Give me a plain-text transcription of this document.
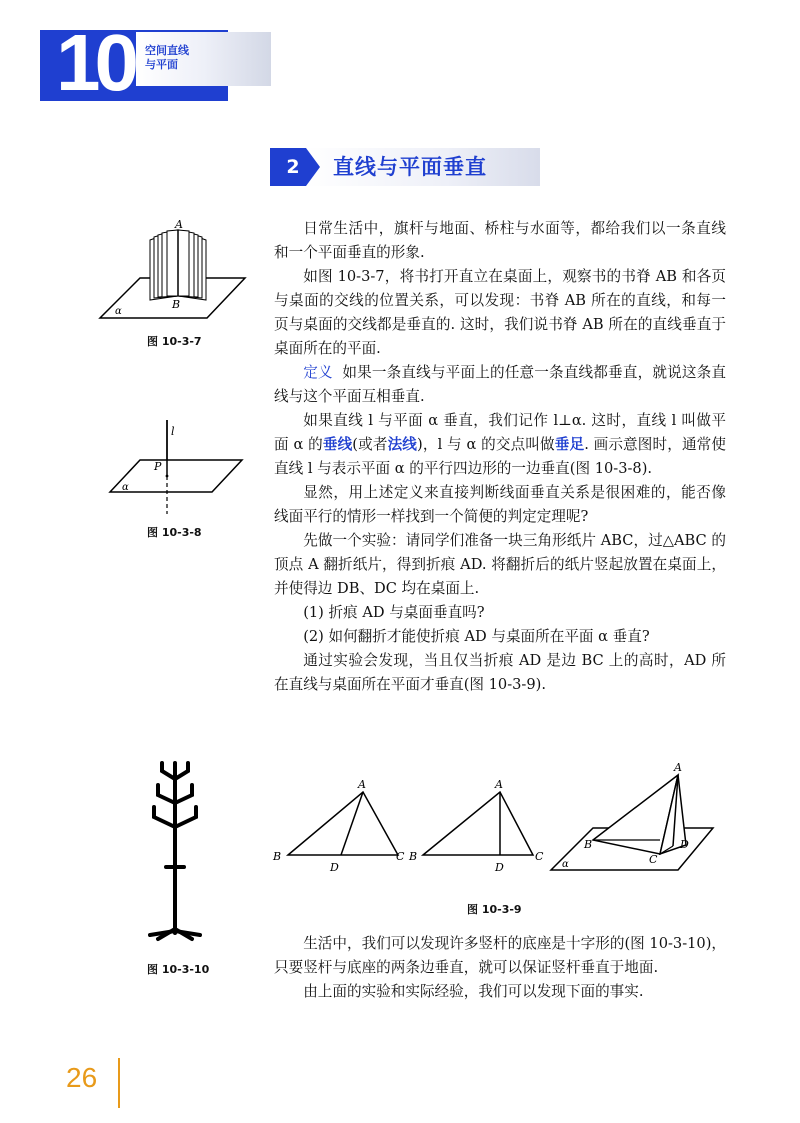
10 空间直线
与平面
2	直线与平面垂直

日常生活中，旗杆与地面、桥柱与水面等，都给我们以一条直线和一个平面垂直的形象.

如图 10-3-7，将书打开直立在桌面上，观察书的书脊 AB 和各页与桌面的交线的位置关系，可以发现：书脊 AB 所在的直线，和每一页与桌面的交线都是垂直的. 这时，我们说书脊 AB 所在的直线垂直于桌面所在的平面.

定义 如果一条直线与平面上的任意一条直线都垂直，就说这条直线与这个平面互相垂直.

如果直线 l 与平面 α 垂直，我们记作 l⊥α. 这时，直线 l 叫做平面 α 的垂线(或者法线)，l 与 α 的交点叫做垂足. 画示意图时，通常使直线 l 与表示平面 α 的平行四边形的一边垂直(图 10-3-8).

显然，用上述定义来直接判断线面垂直关系是很困难的，能否像线面平行的情形一样找到一个简便的判定定理呢?

先做一个实验：请同学们准备一块三角形纸片 ABC，过△ABC 的顶点 A 翻折纸片，得到折痕 AD. 将翻折后的纸片竖起放置在桌面上，并使得边 DB、DC 均在桌面上.

(1) 折痕 AD 与桌面垂直吗?

(2) 如何翻折才能使折痕 AD 与桌面所在平面 α 垂直?

通过实验会发现，当且仅当折痕 AD 是边 BC 上的高时，AD 所在直线与桌面所在平面才垂直(图 10-3-9).

生活中，我们可以发现许多竖杆的底座是十字形的(图 10-3-10)，只要竖杆与底座的两条边垂直，就可以保证竖杆垂直于地面.

由上面的实验和实际经验，我们可以发现下面的事实.

A
B
α
图 10-3-7
l
P
α
图 10-3-8
A
B	C
D
A
B	C
D
A
B
C
D
α
图 10-3-9
图 10-3-10
26
